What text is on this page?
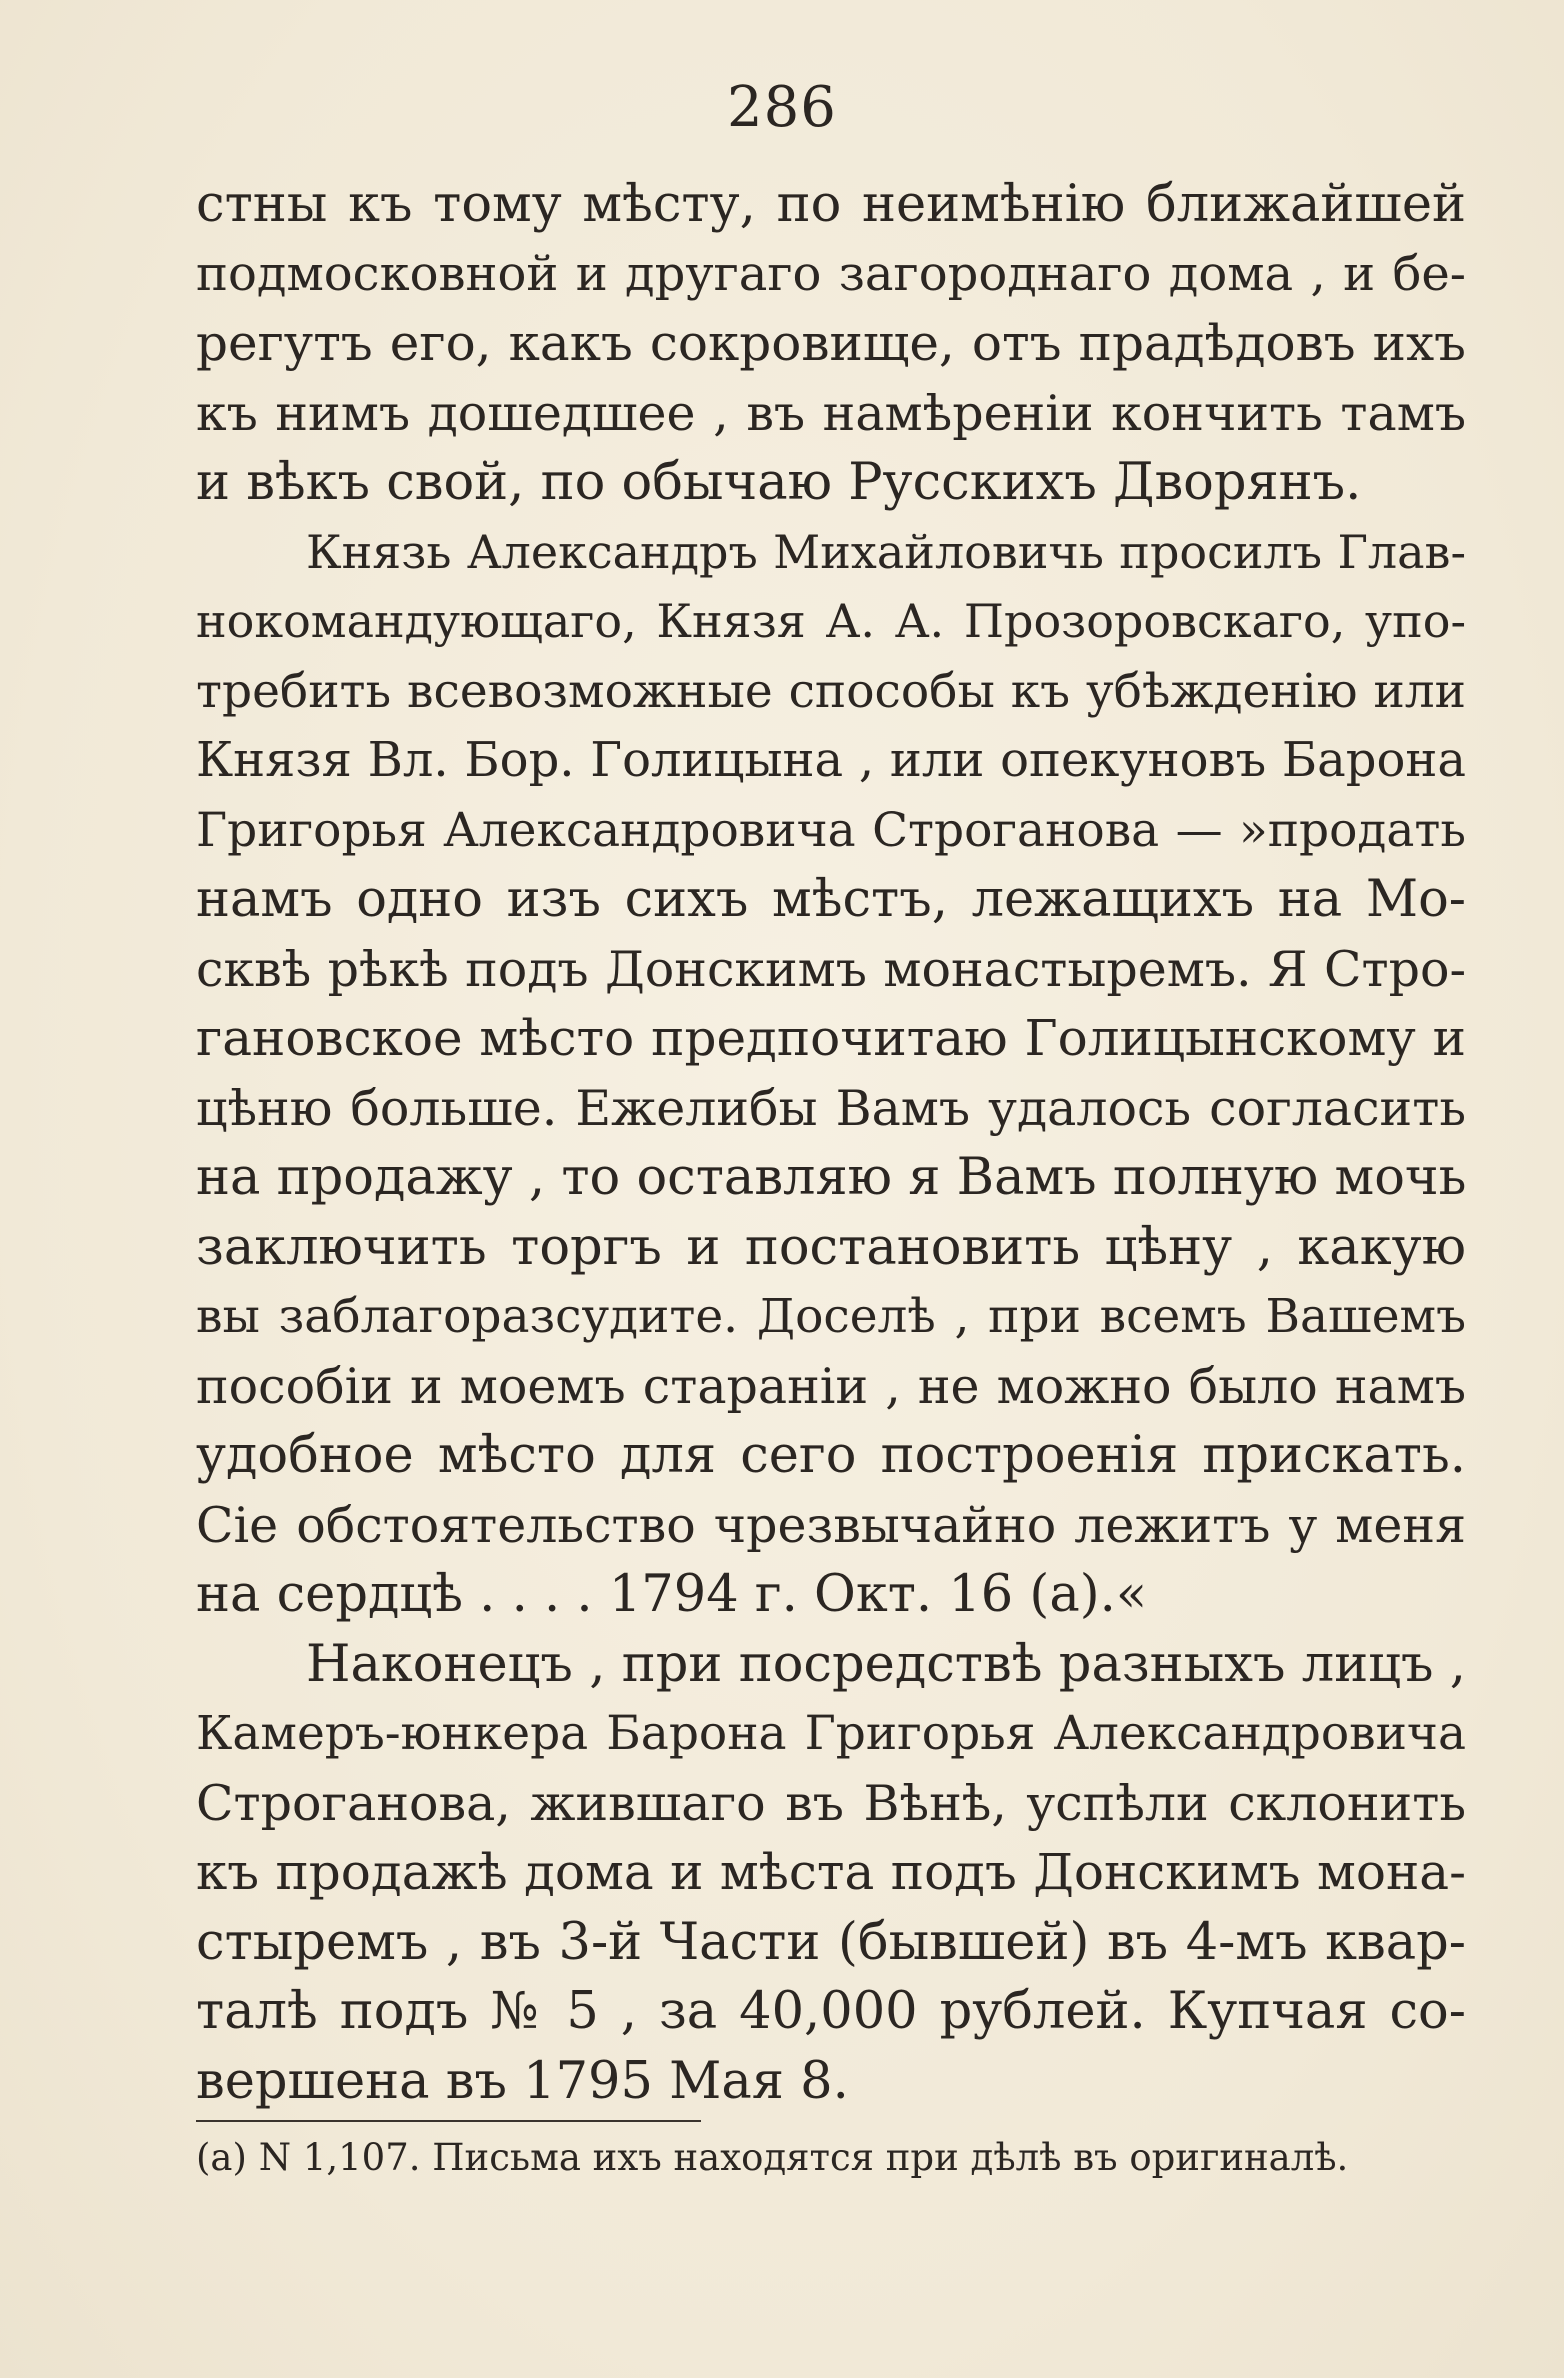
286
стны къ тому мѣсту, по неимѣнію ближайшей
подмосковной и другаго загороднаго дома , и бе-
регутъ его, какъ сокровище, отъ прадѣдовъ ихъ
къ нимъ дошедшее , въ намѣреніи кончить тамъ
и вѣкъ свой, по обычаю Русскихъ Дворянъ.
Князь Александръ Михайловичь просилъ Глав-
нокомандующаго, Князя А. А. Прозоровскаго, упо-
требить всевозможные способы къ убѣжденію или
Князя Вл. Бор. Голицына , или опекуновъ Барона
Григорья Александровича Строганова — »продать
намъ одно изъ сихъ мѣстъ, лежащихъ на Мо-
сквѣ рѣкѣ подъ Донскимъ монастыремъ. Я Стро-
гановское мѣсто предпочитаю Голицынскому и
цѣню больше. Ежелибы Вамъ удалось согласить
на продажу , то оставляю я Вамъ полную мочь
заключить торгъ и постановить цѣну , какую
вы заблагоразсудите. Доселѣ , при всемъ Вашемъ
пособіи и моемъ стараніи , не можно было намъ
удобное мѣсто для сего построенія прискать.
Сіе обстоятельство чрезвычайно лежитъ у меня
на сердцѣ . . . . 1794 г. Окт. 16 (а).«
Наконецъ , при посредствѣ разныхъ лицъ ,
Камеръ-юнкера Барона Григорья Александровича
Строганова, жившаго въ Вѣнѣ, успѣли склонить
къ продажѣ дома и мѣста подъ Донскимъ мона-
стыремъ , въ 3-й Части (бывшей) въ 4-мъ квар-
талѣ подъ № 5 , за 40,000 рублей. Купчая со-
вершена въ 1795 Мая 8.
(а) N 1,107. Письма ихъ находятся при дѣлѣ въ оригиналѣ.
